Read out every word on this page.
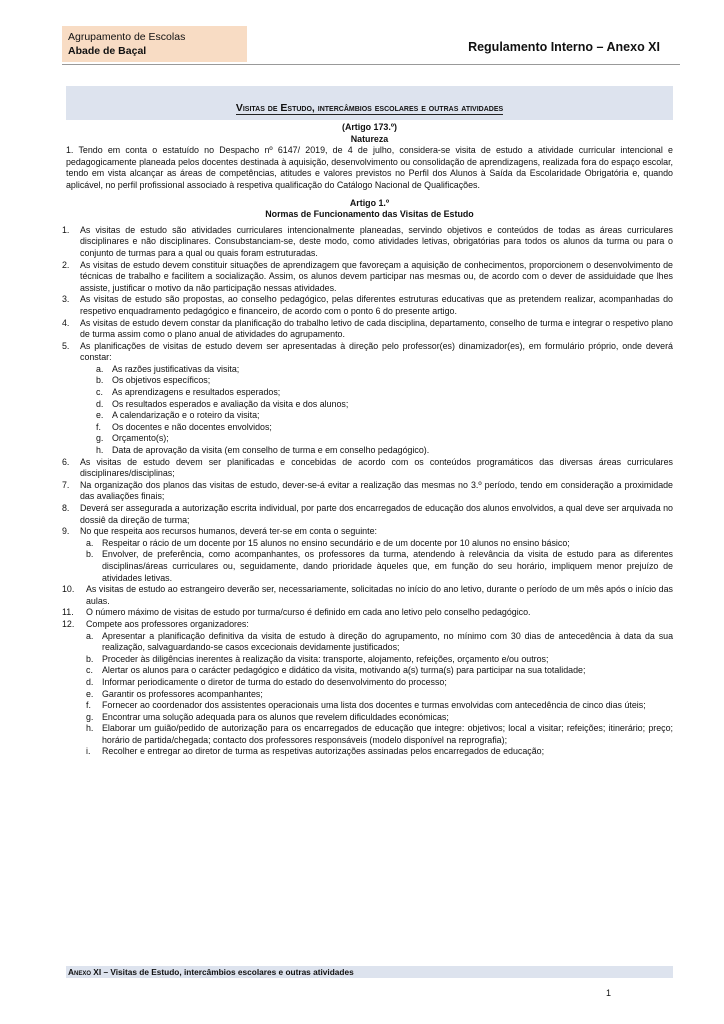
Agrupamento de Escolas
Abade de Baçal	Regulamento Interno – Anexo XI
Visitas de Estudo, intercâmbios escolares e outras atividades
(Artigo 173.º)
Natureza
1. Tendo em conta o estatuído no Despacho nº 6147/ 2019, de 4 de julho, considera-se visita de estudo a atividade curricular intencional e pedagogicamente planeada pelos docentes destinada à aquisição, desenvolvimento ou consolidação de aprendizagens, realizada fora do espaço escolar, tendo em vista alcançar as áreas de competências, atitudes e valores previstos no Perfil dos Alunos à Saída da Escolaridade Obrigatória e, quando aplicável, no perfil profissional associado à respetiva qualificação do Catálogo Nacional de Qualificações.
Artigo 1.º
Normas de Funcionamento das Visitas de Estudo
1. As visitas de estudo são atividades curriculares intencionalmente planeadas, servindo objetivos e conteúdos de todas as áreas curriculares disciplinares e não disciplinares. Consubstanciam-se, deste modo, como atividades letivas, obrigatórias para todos os alunos da turma ou para o conjunto de turmas para a qual ou quais foram estruturadas.
2. As visitas de estudo devem constituir situações de aprendizagem que favoreçam a aquisição de conhecimentos, proporcionem o desenvolvimento de técnicas de trabalho e facilitem a socialização. Assim, os alunos devem participar nas mesmas ou, de acordo com o dever de assiduidade que lhes assiste, justificar o motivo da não participação nessas atividades.
3. As visitas de estudo são propostas, ao conselho pedagógico, pelas diferentes estruturas educativas que as pretendem realizar, acompanhadas do respetivo enquadramento pedagógico e financeiro, de acordo com o ponto 6 do presente artigo.
4. As visitas de estudo devem constar da planificação do trabalho letivo de cada disciplina, departamento, conselho de turma e integrar o respetivo plano de turma assim como o plano anual de atividades do agrupamento.
5. As planificações de visitas de estudo devem ser apresentadas à direção pelo professor(es) dinamizador(es), em formulário próprio, onde deverá constar:
a. As razões justificativas da visita;
b. Os objetivos específicos;
c. As aprendizagens e resultados esperados;
d. Os resultados esperados e avaliação da visita e dos alunos;
e. A calendarização e o roteiro da visita;
f. Os docentes e não docentes envolvidos;
g. Orçamento(s);
h. Data de aprovação da visita (em conselho de turma e em conselho pedagógico).
6. As visitas de estudo devem ser planificadas e concebidas de acordo com os conteúdos programáticos das diversas áreas curriculares disciplinares/disciplinas;
7. Na organização dos planos das visitas de estudo, dever-se-á evitar a realização das mesmas no 3.º período, tendo em consideração a proximidade das avaliações finais;
8. Deverá ser assegurada a autorização escrita individual, por parte dos encarregados de educação dos alunos envolvidos, a qual deve ser arquivada no dossiê da direção de turma;
9. No que respeita aos recursos humanos, deverá ter-se em conta o seguinte:
a. Respeitar o rácio de um docente por 15 alunos no ensino secundário e de um docente por 10 alunos no ensino básico;
b. Envolver, de preferência, como acompanhantes, os professores da turma, atendendo à relevância da visita de estudo para as diferentes disciplinas/áreas curriculares ou, seguidamente, dando prioridade àqueles que, em função do seu horário, impliquem menor prejuízo de atividades letivas.
10. As visitas de estudo ao estrangeiro deverão ser, necessariamente, solicitadas no início do ano letivo, durante o período de um mês após o início das aulas.
11. O número máximo de visitas de estudo por turma/curso é definido em cada ano letivo pelo conselho pedagógico.
12. Compete aos professores organizadores:
a. Apresentar a planificação definitiva da visita de estudo à direção do agrupamento, no mínimo com 30 dias de antecedência à data da sua realização, salvaguardando-se casos excecionais devidamente justificados;
b. Proceder às diligências inerentes à realização da visita: transporte, alojamento, refeições, orçamento e/ou outros;
c. Alertar os alunos para o carácter pedagógico e didático da visita, motivando a(s) turma(s) para participar na sua totalidade;
d. Informar periodicamente o diretor de turma do estado do desenvolvimento do processo;
e. Garantir os professores acompanhantes;
f. Fornecer ao coordenador dos assistentes operacionais uma lista dos docentes e turmas envolvidas com antecedência de cinco dias úteis;
g. Encontrar uma solução adequada para os alunos que revelem dificuldades económicas;
h. Elaborar um guião/pedido de autorização para os encarregados de educação que integre: objetivos; local a visitar; refeições; itinerário; preço; horário de partida/chegada; contacto dos professores responsáveis (modelo disponível na reprografia);
i. Recolher e entregar ao diretor de turma as respetivas autorizações assinadas pelos encarregados de educação;
Anexo XI – Visitas de Estudo, intercâmbios escolares e outras atividades
1
